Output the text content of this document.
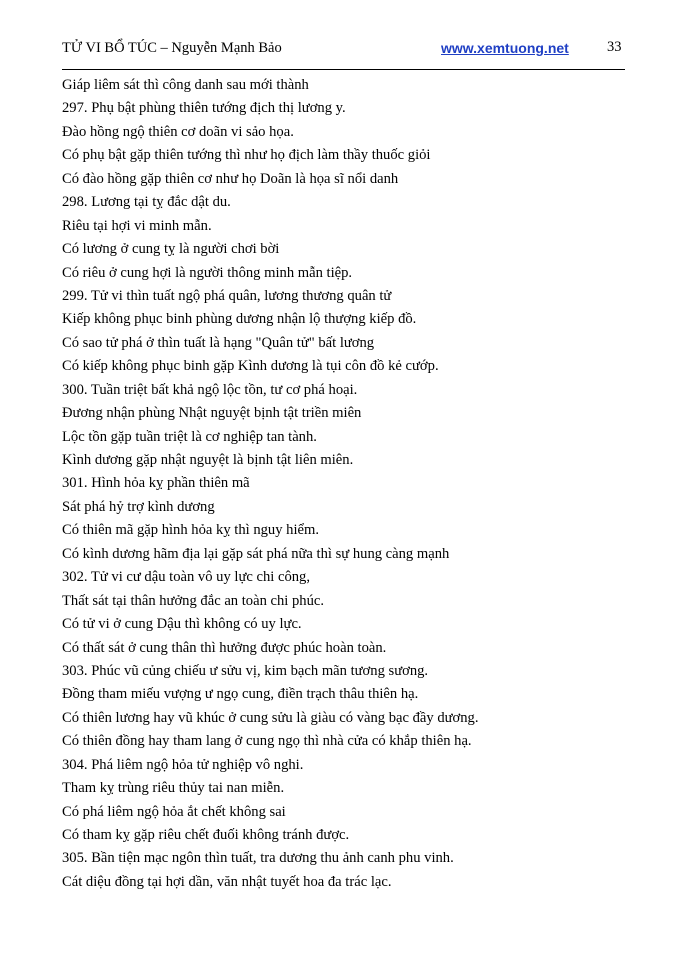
TỬ VI BỔ TÚC – Nguyễn Mạnh Bảo	www.xemtuong.net	33
Giáp liêm sát thì công danh sau mới thành
297. Phụ bật phùng thiên tướng địch thị lương y.
Đào hồng ngộ thiên cơ doãn vi sảo họa.
Có phụ bật gặp thiên tướng thì như họ địch làm thầy thuốc giỏi
Có đào hồng gặp thiên cơ như họ Doãn là họa sĩ nổi danh
298. Lương tại tỵ đắc dật du.
Riêu tại hợi vi minh mẫn.
Có lương ở cung tỵ là người chơi bời
Có riêu ở cung hợi là người thông minh mẫn tiệp.
299. Tử vi thìn tuất ngộ phá quân, lương thương quân tử
Kiếp không phục binh phùng dương nhận lộ thượng kiếp đồ.
Có sao tử phá ở thìn tuất là hạng "Quân tử" bất lương
Có kiếp không phục binh gặp Kình dương là tụi côn đồ kẻ cướp.
300. Tuần triệt bất khả ngộ lộc tồn, tư cơ phá hoại.
Đương nhận phùng Nhật nguyệt bịnh tật triền miên
Lộc tồn gặp tuần triệt là cơ nghiệp tan tành.
Kình dương gặp nhật nguyệt là bịnh tật liên miên.
301. Hình hỏa kỵ phần thiên mã
Sát phá hỷ trợ kình dương
Có thiên mã gặp hình hỏa kỵ thì nguy hiểm.
Có kình dương hãm địa lại gặp sát phá nữa thì sự hung càng mạnh
302. Tử vi cư dậu toàn vô uy lực chi công,
Thất sát tại thân hưởng đắc an toàn chi phúc.
Có tử vi ở cung Dậu thì không có uy lực.
Có thất sát ở cung thân thì hưởng được phúc hoàn toàn.
303. Phúc vũ củng chiếu ư sửu vị, kim bạch mãn tương sương.
Đồng tham miếu vượng ư ngọ cung, điền trạch thâu thiên hạ.
Có thiên lương hay vũ khúc ở cung sửu là giàu có vàng bạc đầy dương.
Có thiên đồng hay tham lang ở cung ngọ thì nhà cửa có khắp thiên hạ.
304. Phá liêm ngộ hỏa tử nghiệp vô nghi.
Tham kỵ trùng riêu thủy tai nan miễn.
Có phá liêm ngộ hỏa ắt chết không sai
Có tham kỵ gặp riêu chết đuối không tránh được.
305. Bần tiện mạc ngôn thìn tuất, tra dương thu ảnh canh phu vinh.
Cát diệu đồng tại hợi dần, văn nhật tuyết hoa đa trác lạc.
